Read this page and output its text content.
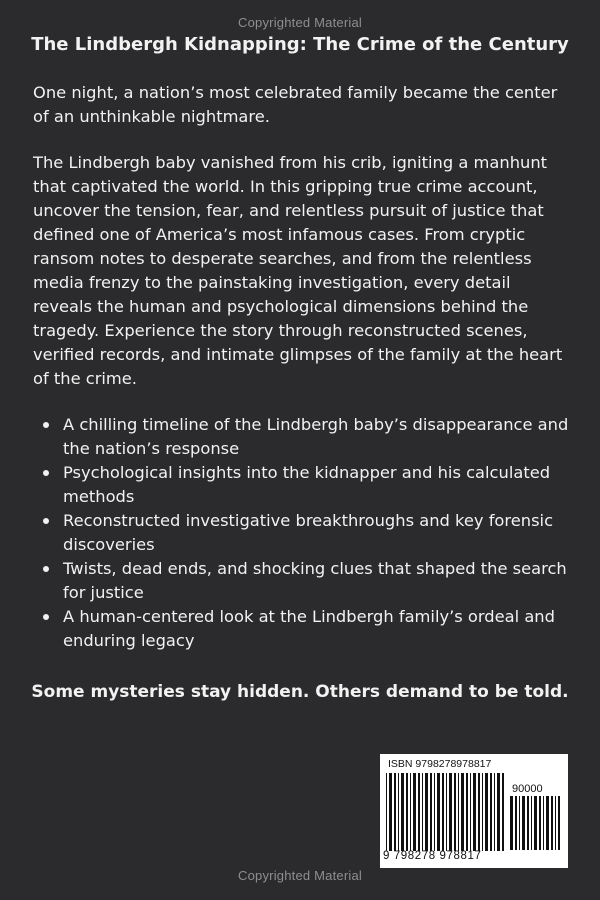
Copyrighted Material
The Lindbergh Kidnapping: The Crime of the Century

One night, a nation’s most celebrated family became the center of an unthinkable nightmare.

The Lindbergh baby vanished from his crib, igniting a manhunt that captivated the world. In this gripping true crime account, uncover the tension, fear, and relentless pursuit of justice that defined one of America’s most infamous cases. From cryptic ransom notes to desperate searches, and from the relentless media frenzy to the painstaking investigation, every detail reveals the human and psychological dimensions behind the tragedy. Experience the story through reconstructed scenes, verified records, and intimate glimpses of the family at the heart of the crime.

A chilling timeline of the Lindbergh baby’s disappearance and the nation’s response
Psychological insights into the kidnapper and his calculated methods
Reconstructed investigative breakthroughs and key forensic discoveries
Twists, dead ends, and shocking clues that shaped the search for justice
A human-centered look at the Lindbergh family’s ordeal and enduring legacy
Some mysteries stay hidden. Others demand to be told.
ISBN 9798278978817
90000
9 798278 978817
Copyrighted Material
